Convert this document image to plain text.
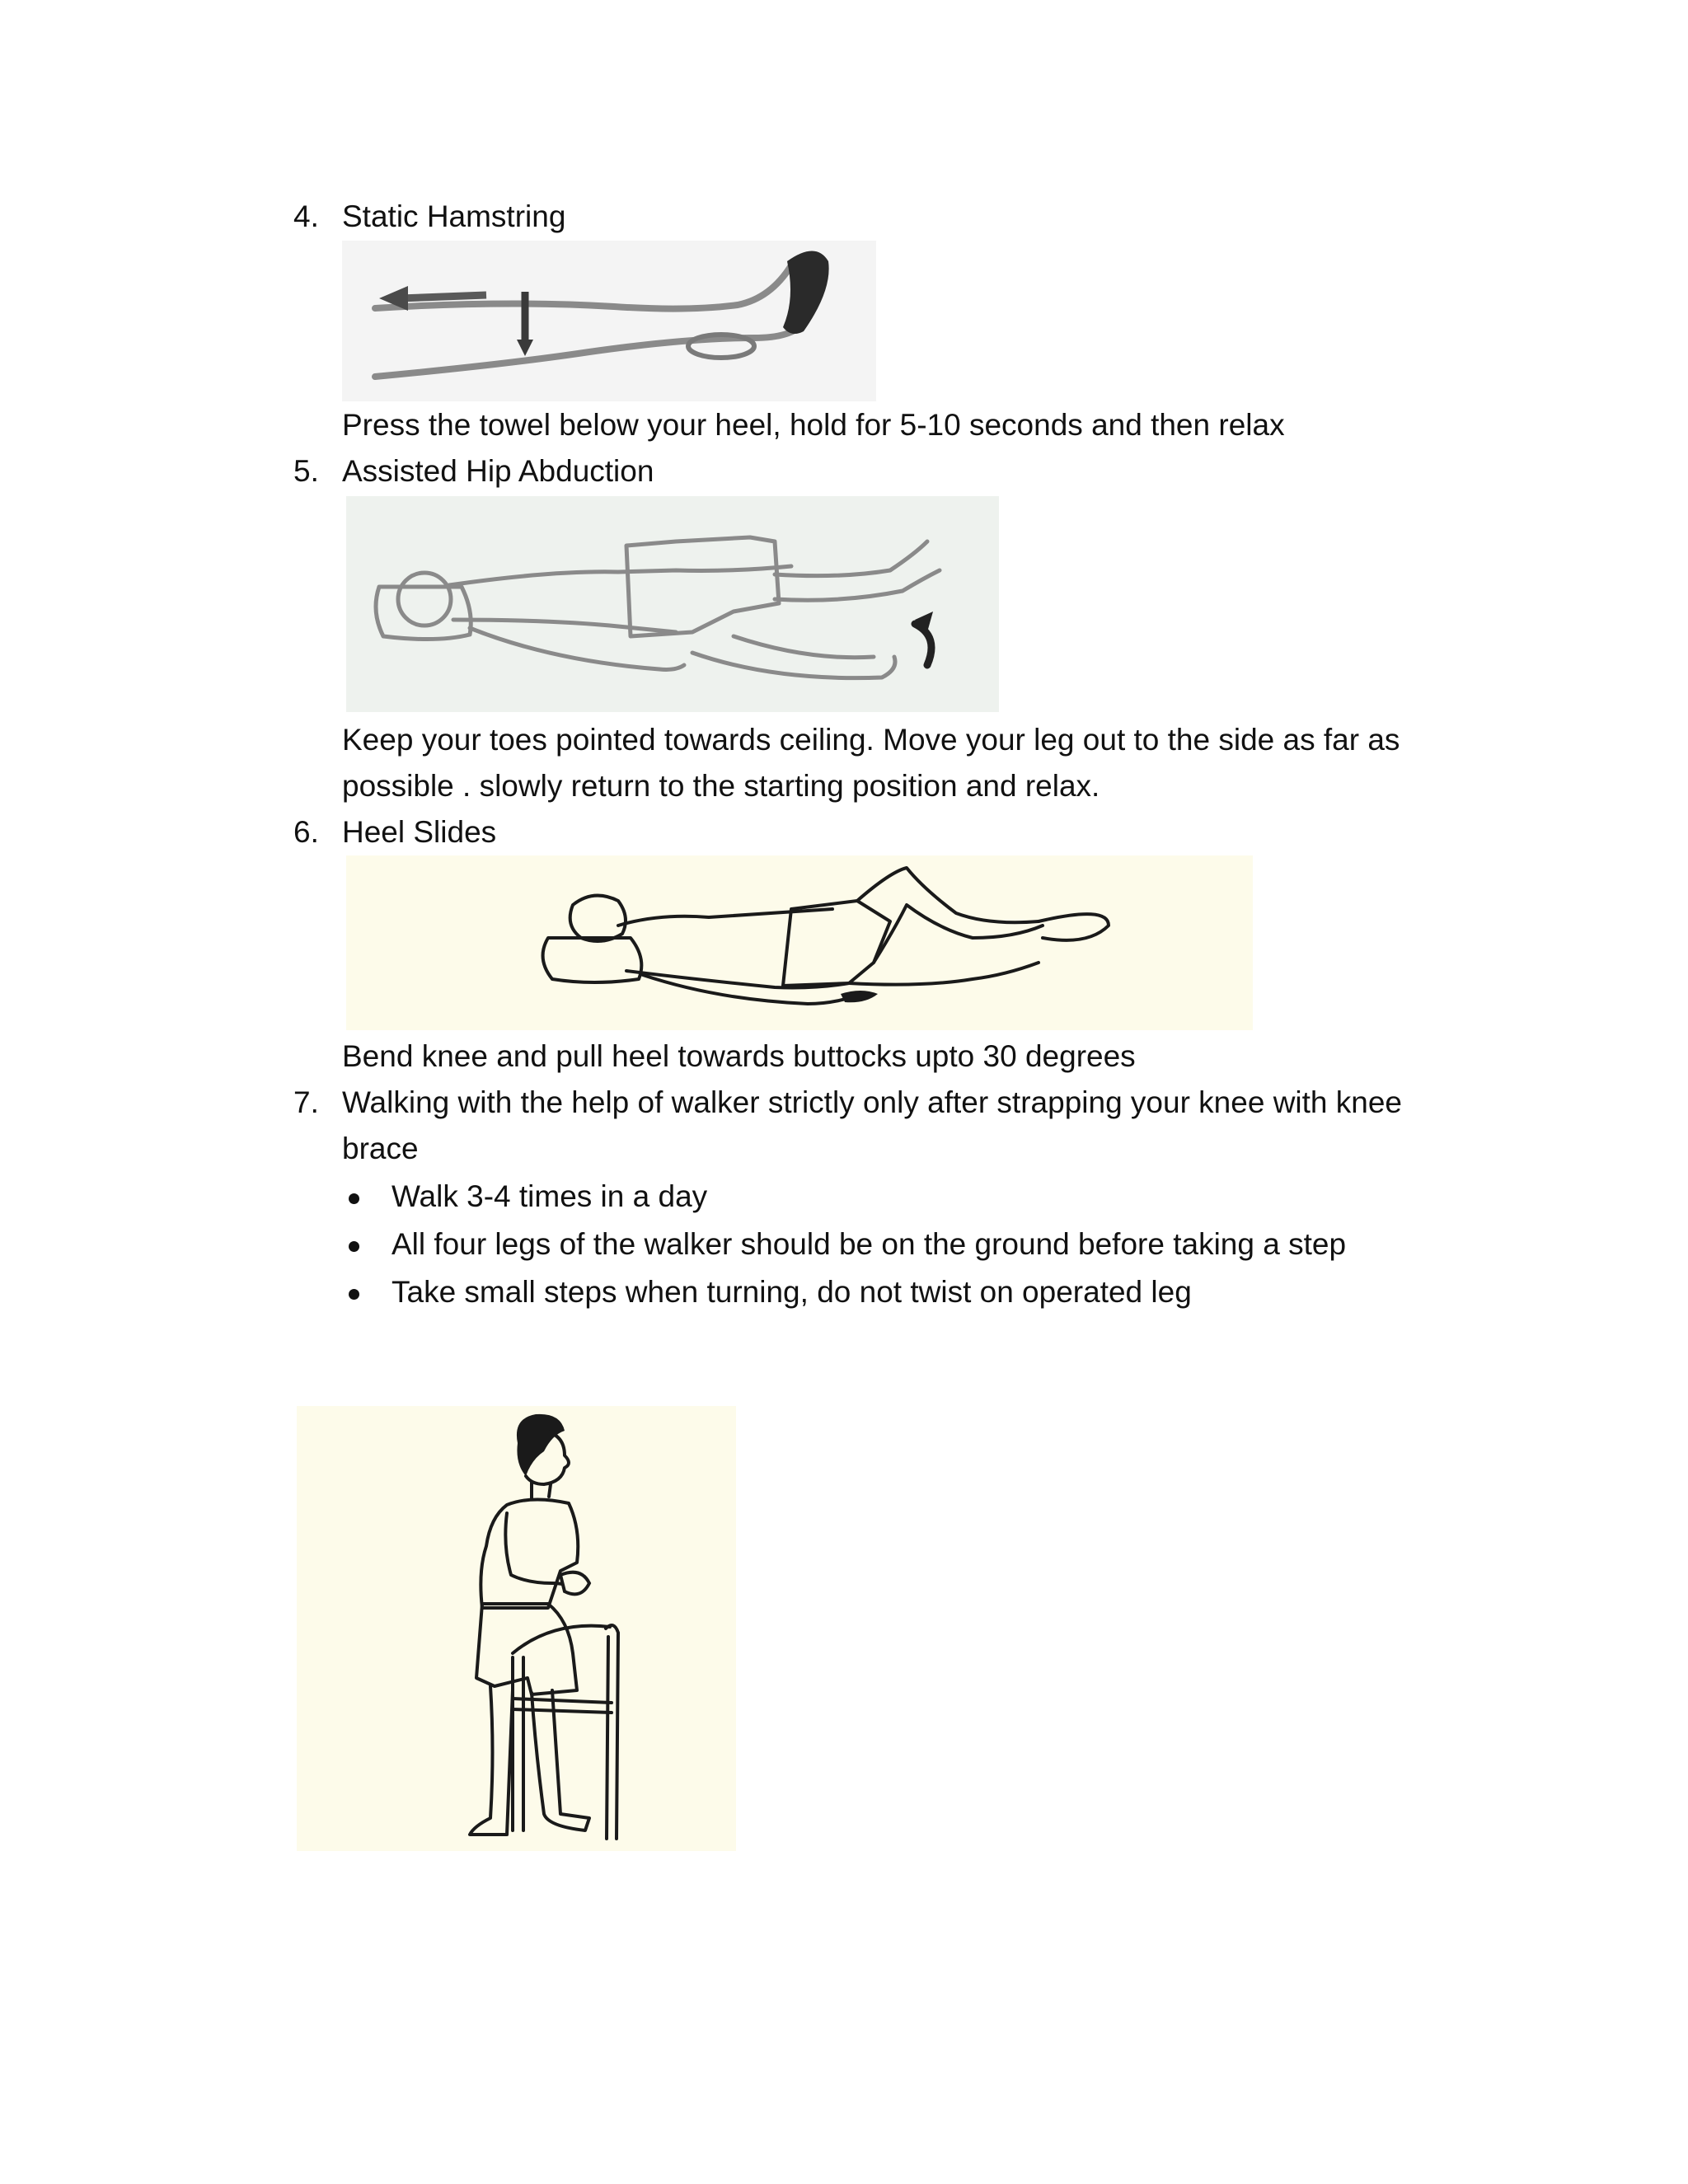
4. Static Hamstring
Press the towel below your heel, hold for 5-10 seconds and then relax
5. Assisted Hip Abduction
Keep your toes pointed towards ceiling. Move your leg out to the side as far as
possible . slowly return to the starting position and relax.
6. Heel Slides
Bend knee and pull heel towards buttocks upto 30 degrees
7. Walking with the help of walker strictly only after strapping your knee with knee
brace
Walk 3-4 times in a day
All four legs of the walker should be on the ground before taking a step
Take small steps when turning, do not twist on operated leg
